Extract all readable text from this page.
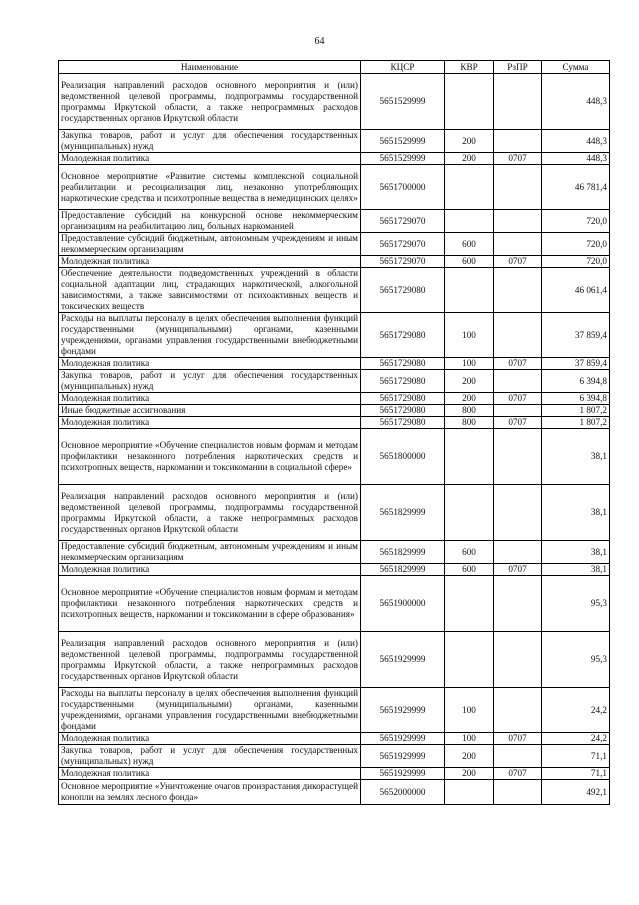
64
Наименование	КЦСР	КВР	РзПР	Сумма
Реализация направлений расходов основного мероприятия и (или) ведомственной целевой программы, подпрограммы государственной программы Иркутской области, а также непрограммных расходов государственных органов Иркутской области	5651529999			448,3
Закупка товаров, работ и услуг для обеспечения государственных (муниципальных) нужд	5651529999	200		448,3
Молодежная политика	5651529999	200	0707	448,3
Основное мероприятие «Развитие системы комплексной социальной реабилитации и ресоциализация лиц, незаконно употребляющих наркотические средства и психотропные вещества в немедицинских целях»	5651700000			46 781,4
Предоставление субсидий на конкурсной основе некоммерческим организациям на реабилитацию лиц, больных наркоманией	5651729070			720,0
Предоставление субсидий бюджетным, автономным учреждениям и иным некоммерческим организациям	5651729070	600		720,0
Молодежная политика	5651729070	600	0707	720,0
Обеспечение деятельности подведомственных учреждений в области социальной адаптации лиц, страдающих наркотической, алкогольной зависимостями, а также зависимостями от психоактивных веществ и токсических веществ	5651729080			46 061,4
Расходы на выплаты персоналу в целях обеспечения выполнения функций государственными (муниципальными) органами, казенными учреждениями, органами управления государственными внебюджетными фондами	5651729080	100		37 859,4
Молодежная политика	5651729080	100	0707	37 859,4
Закупка товаров, работ и услуг для обеспечения государственных (муниципальных) нужд	5651729080	200		6 394,8
Молодежная политика	5651729080	200	0707	6 394,8
Иные бюджетные ассигнования	5651729080	800		1 807,2
Молодежная политика	5651729080	800	0707	1 807,2
Основное мероприятие «Обучение специалистов новым формам и методам профилактики незаконного потребления наркотических средств и психотропных веществ, наркомании и токсикомании в социальной сфере»	5651800000			38,1
Реализация направлений расходов основного мероприятия и (или) ведомственной целевой программы, подпрограммы государственной программы Иркутской области, а также непрограммных расходов государственных органов Иркутской области	5651829999			38,1
Предоставление субсидий бюджетным, автономным учреждениям и иным некоммерческим организациям	5651829999	600		38,1
Молодежная политика	5651829999	600	0707	38,1
Основное мероприятие «Обучение специалистов новым формам и методам профилактики незаконного потребления наркотических средств и психотропных веществ, наркомании и токсикомании в сфере образования»	5651900000			95,3
Реализация направлений расходов основного мероприятия и (или) ведомственной целевой программы, подпрограммы государственной программы Иркутской области, а также непрограммных расходов государственных органов Иркутской области	5651929999			95,3
Расходы на выплаты персоналу в целях обеспечения выполнения функций государственными (муниципальными) органами, казенными учреждениями, органами управления государственными внебюджетными фондами	5651929999	100		24,2
Молодежная политика	5651929999	100	0707	24,2
Закупка товаров, работ и услуг для обеспечения государственных (муниципальных) нужд	5651929999	200		71,1
Молодежная политика	5651929999	200	0707	71,1
Основное мероприятие «Уничтожение очагов произрастания дикорастущей конопли на землях лесного фонда»	5652000000			492,1
